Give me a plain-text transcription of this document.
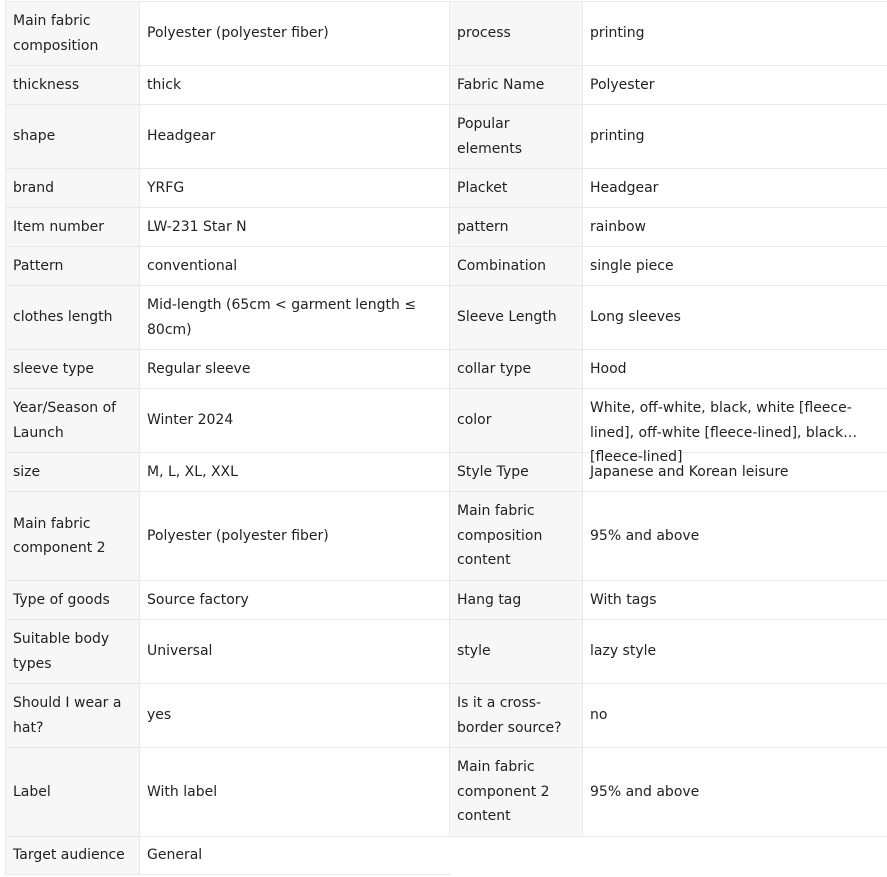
Main fabric composition	Polyester (polyester fiber)	process	printing
thickness	thick	Fabric Name	Polyester
shape	Headgear	Popular elements	printing
brand	YRFG	Placket	Headgear
Item number	LW-231 Star N	pattern	rainbow
Pattern	conventional	Combination	single piece
clothes length	Mid-length (65cm < garment length ≤ 80cm)	Sleeve Length	Long sleeves
sleeve type	Regular sleeve	collar type	Hood
Year/Season of Launch	Winter 2024	color	White, off-white, black, white [fleece-lined], off-white [fleece-lined], black [fleece-lined]

size	M, L, XL, XXL	Style Type	Japanese and Korean leisure
Main fabric component 2	Polyester (polyester fiber)	Main fabric composition content	95% and above
Type of goods	Source factory	Hang tag	With tags
Suitable body types	Universal	style	lazy style
Should I wear a hat?	yes	Is it a cross-border source?	no
Label	With label	Main fabric component 2 content	95% and above
Target audience	General		
